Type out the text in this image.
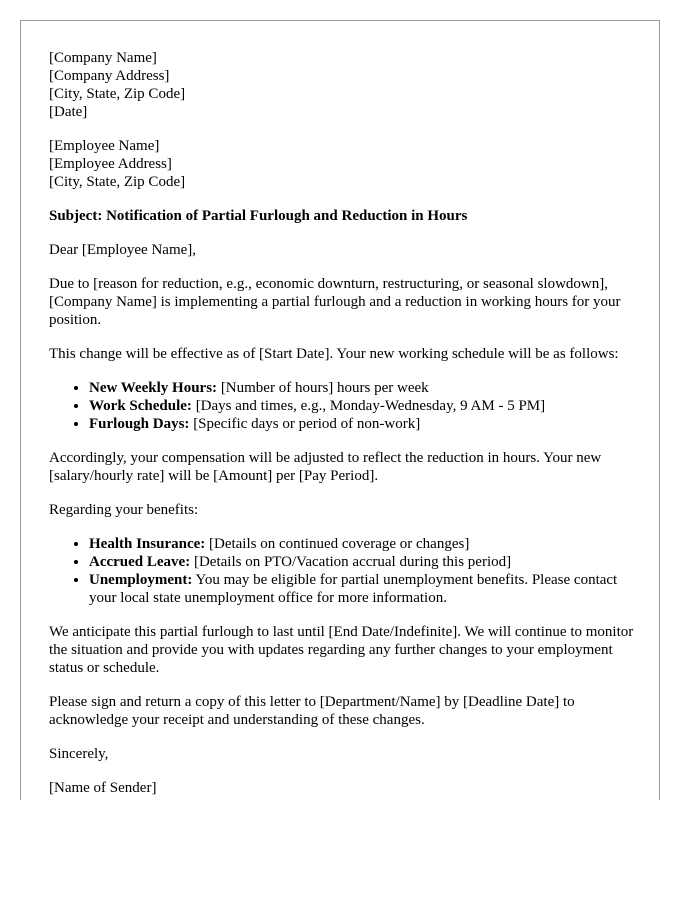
[Company Name]
[Company Address]
[City, State, Zip Code]
[Date]

[Employee Name]
[Employee Address]
[City, State, Zip Code]

Subject: Notification of Partial Furlough and Reduction in Hours

Dear [Employee Name],

Due to [reason for reduction, e.g., economic downturn, restructuring, or seasonal slowdown], [Company Name] is implementing a partial furlough and a reduction in working hours for your position.

This change will be effective as of [Start Date]. Your new working schedule will be as follows:

• New Weekly Hours: [Number of hours] hours per week
• Work Schedule: [Days and times, e.g., Monday-Wednesday, 9 AM - 5 PM]
• Furlough Days: [Specific days or period of non-work]

Accordingly, your compensation will be adjusted to reflect the reduction in hours. Your new [salary/hourly rate] will be [Amount] per [Pay Period].

Regarding your benefits:

• Health Insurance: [Details on continued coverage or changes]
• Accrued Leave: [Details on PTO/Vacation accrual during this period]
• Unemployment: You may be eligible for partial unemployment benefits. Please contact your local state unemployment office for more information.

We anticipate this partial furlough to last until [End Date/Indefinite]. We will continue to monitor the situation and provide you with updates regarding any further changes to your employment status or schedule.

Please sign and return a copy of this letter to [Department/Name] by [Deadline Date] to acknowledge your receipt and understanding of these changes.

Sincerely,

[Name of Sender]
